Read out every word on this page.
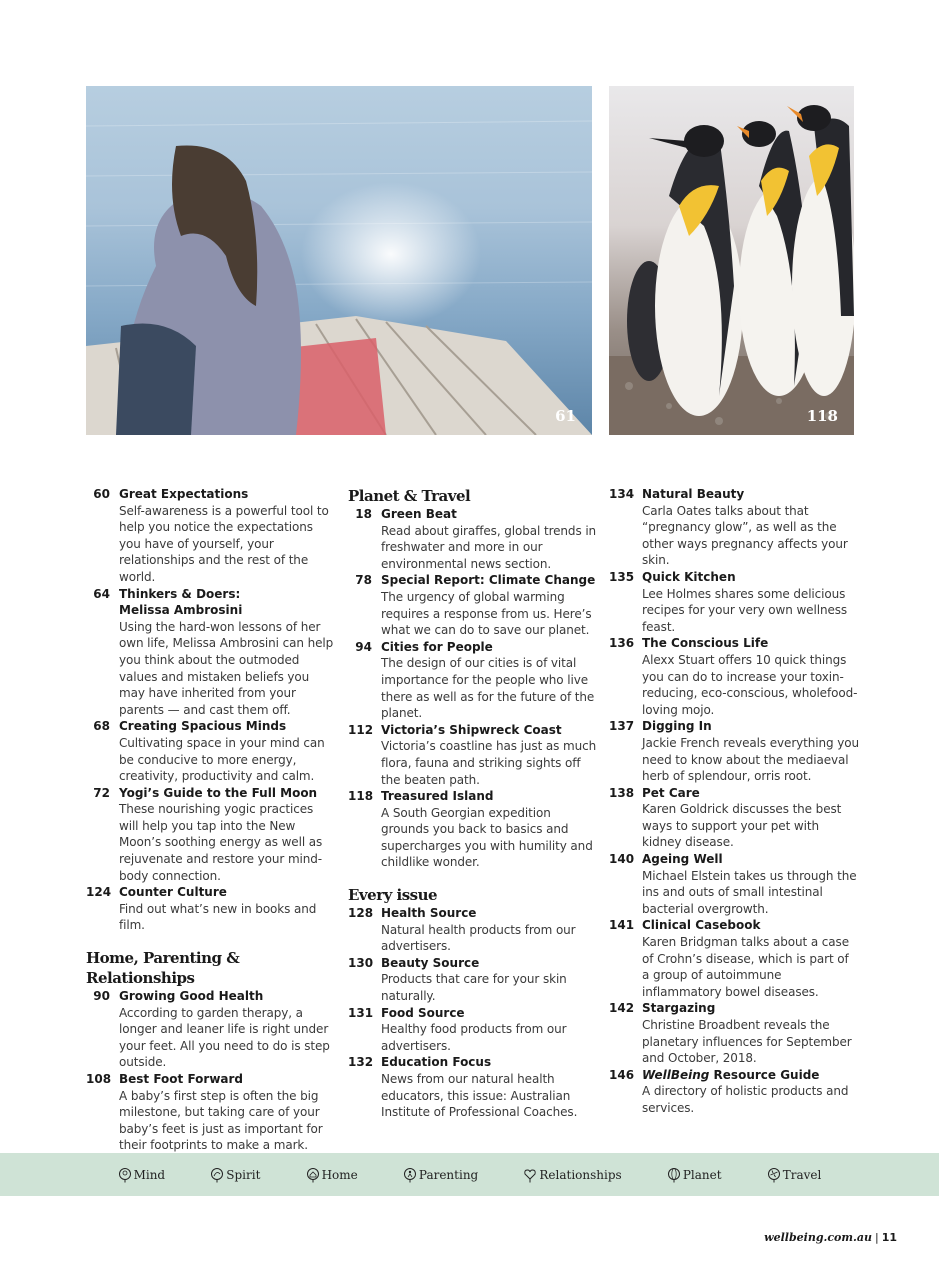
61	118
60 Great Expectations
Self-awareness is a powerful tool to help you notice the expectations you have of yourself, your relationships and the rest of the world.
64 Thinkers & Doers: Melissa Ambrosini
Using the hard-won lessons of her own life, Melissa Ambrosini can help you think about the outmoded values and mistaken beliefs you may have inherited from your parents — and cast them off.
68 Creating Spacious Minds
Cultivating space in your mind can be conducive to more energy, creativity, productivity and calm.
72 Yogi’s Guide to the Full Moon
These nourishing yogic practices will help you tap into the New Moon’s soothing energy as well as rejuvenate and restore your mind-body connection.
124 Counter Culture
Find out what’s new in books and film.
Home, Parenting & Relationships
90 Growing Good Health
According to garden therapy, a longer and leaner life is right under your feet. All you need to do is step outside.
108 Best Foot Forward
A baby’s first step is often the big milestone, but taking care of your baby’s feet is just as important for their footprints to make a mark.
Planet & Travel
18 Green Beat
Read about giraffes, global trends in freshwater and more in our environmental news section.
78 Special Report: Climate Change
The urgency of global warming requires a response from us. Here’s what we can do to save our planet.
94 Cities for People
The design of our cities is of vital importance for the people who live there as well as for the future of the planet.
112 Victoria’s Shipwreck Coast
Victoria’s coastline has just as much flora, fauna and striking sights off the beaten path.
118 Treasured Island
A South Georgian expedition grounds you back to basics and supercharges you with humility and childlike wonder.
Every issue
128 Health Source
Natural health products from our advertisers.
130 Beauty Source
Products that care for your skin naturally.
131 Food Source
Healthy food products from our advertisers.
132 Education Focus
News from our natural health educators, this issue: Australian Institute of Professional Coaches.
134 Natural Beauty
Carla Oates talks about that “pregnancy glow”, as well as the other ways pregnancy affects your skin.
135 Quick Kitchen
Lee Holmes shares some delicious recipes for your very own wellness feast.
136 The Conscious Life
Alexx Stuart offers 10 quick things you can do to increase your toxin-reducing, eco-conscious, wholefood-loving mojo.
137 Digging In
Jackie French reveals everything you need to know about the mediaeval herb of splendour, orris root.
138 Pet Care
Karen Goldrick discusses the best ways to support your pet with kidney disease.
140 Ageing Well
Michael Elstein takes us through the ins and outs of small intestinal bacterial overgrowth.
141 Clinical Casebook
Karen Bridgman talks about a case of Crohn’s disease, which is part of a group of autoimmune inflammatory bowel diseases.
142 Stargazing
Christine Broadbent reveals the planetary influences for September and October, 2018.
146 WellBeing Resource Guide
A directory of holistic products and services.
Mind	Spirit	Home	Parenting	Relationships	Planet	Travel
wellbeing.com.au | 11
